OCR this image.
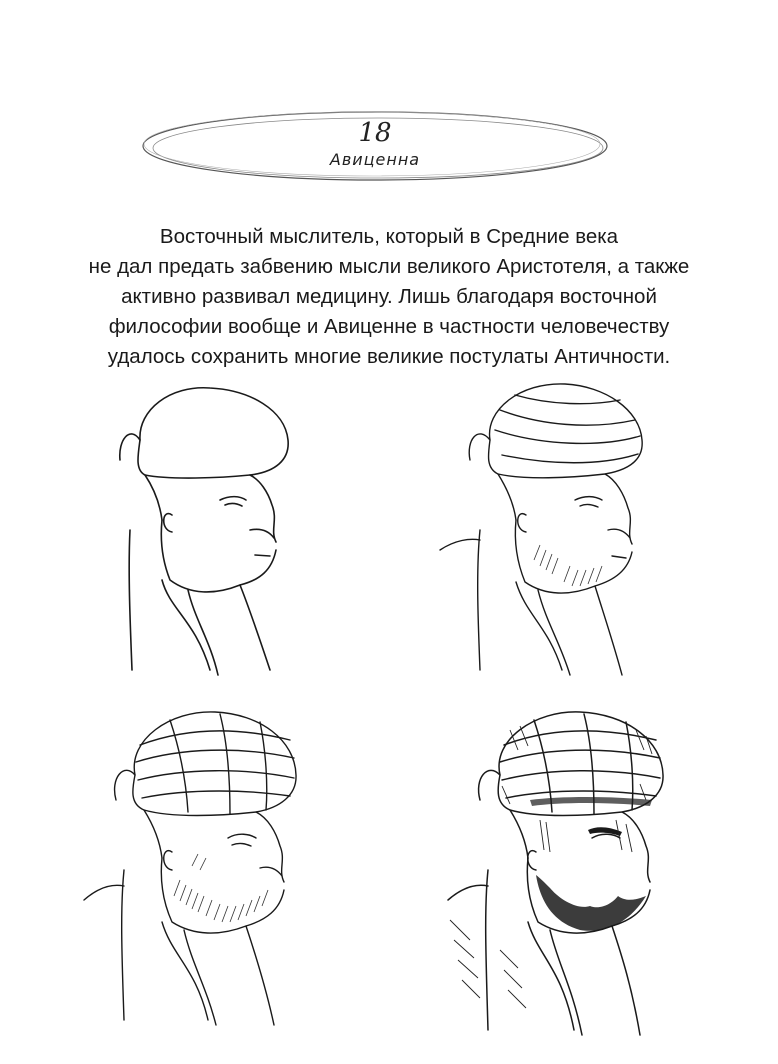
18
Авиценна
Восточный мыслитель, который в Средние века
не дал предать забвению мысли великого Аристотеля, а также
активно развивал медицину. Лишь благодаря восточной
философии вообще и Авиценне в частности человечеству
удалось сохранить многие великие постулаты Античности.
